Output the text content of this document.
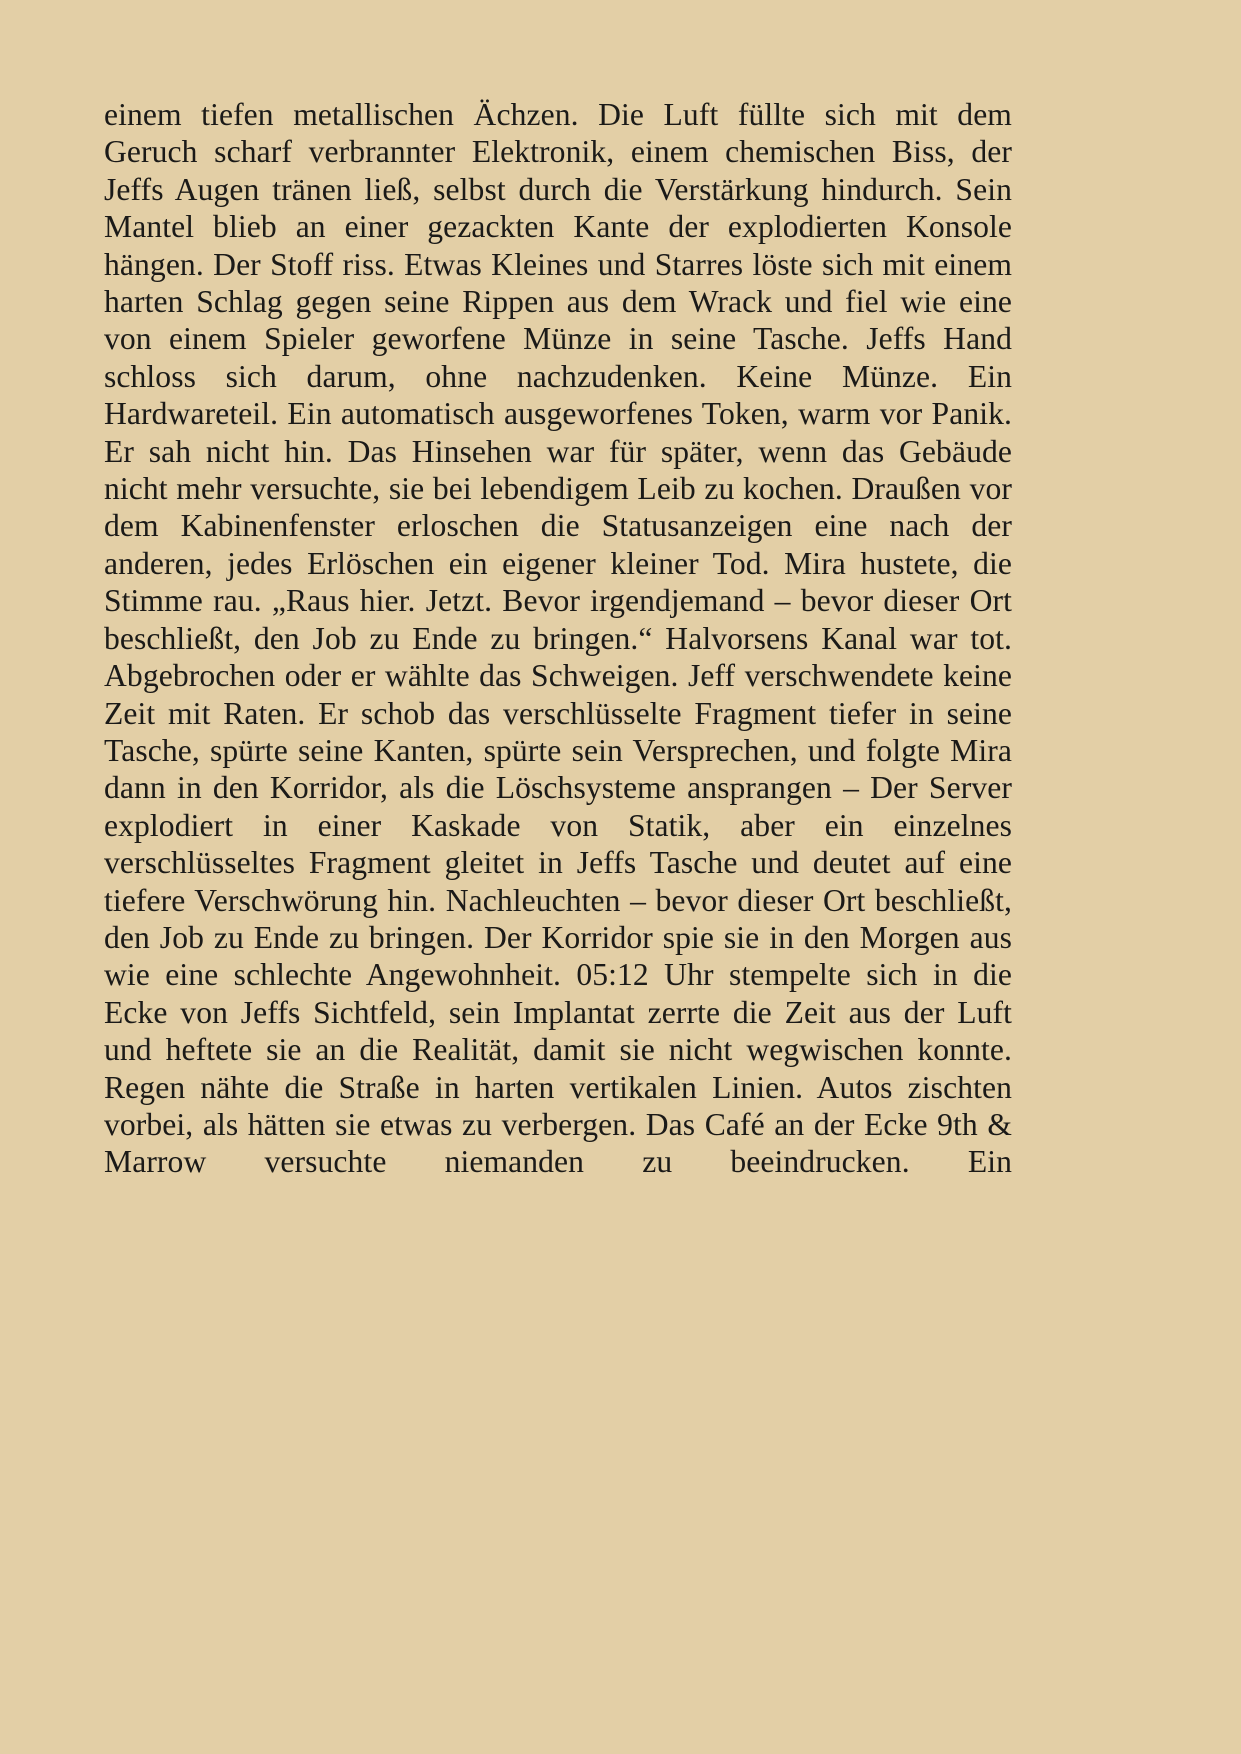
einem tiefen metallischen Ächzen. Die Luft füllte sich mit dem Geruch scharf verbrannter Elektronik, einem chemischen Biss, der Jeffs Augen tränen ließ, selbst durch die Verstärkung hindurch. Sein Mantel blieb an einer gezackten Kante der explodierten Konsole hängen. Der Stoff riss. Etwas Kleines und Starres löste sich mit einem harten Schlag gegen seine Rippen aus dem Wrack und fiel wie eine von einem Spieler geworfene Münze in seine Tasche. Jeffs Hand schloss sich darum, ohne nachzudenken. Keine Münze. Ein Hardwareteil. Ein automatisch ausgeworfenes Token, warm vor Panik. Er sah nicht hin. Das Hinsehen war für später, wenn das Gebäude nicht mehr versuchte, sie bei lebendigem Leib zu kochen. Draußen vor dem Kabinenfenster erloschen die Statusanzeigen eine nach der anderen, jedes Erlöschen ein eigener kleiner Tod. Mira hustete, die Stimme rau. „Raus hier. Jetzt. Bevor irgendjemand – bevor dieser Ort beschließt, den Job zu Ende zu bringen.“ Halvorsens Kanal war tot. Abgebrochen oder er wählte das Schweigen. Jeff verschwendete keine Zeit mit Raten. Er schob das verschlüsselte Fragment tiefer in seine Tasche, spürte seine Kanten, spürte sein Versprechen, und folgte Mira dann in den Korridor, als die Löschsysteme ansprangen – Der Server explodiert in einer Kaskade von Statik, aber ein einzelnes verschlüsseltes Fragment gleitet in Jeffs Tasche und deutet auf eine tiefere Verschwörung hin. Nachleuchten – bevor dieser Ort beschließt, den Job zu Ende zu bringen. Der Korridor spie sie in den Morgen aus wie eine schlechte Angewohnheit. 05:12 Uhr stempelte sich in die Ecke von Jeffs Sichtfeld, sein Implantat zerrte die Zeit aus der Luft und heftete sie an die Realität, damit sie nicht wegwischen konnte. Regen nähte die Straße in harten vertikalen Linien. Autos zischten vorbei, als hätten sie etwas zu verbergen. Das Café an der Ecke 9th & Marrow versuchte niemanden zu beeindrucken. Ein
